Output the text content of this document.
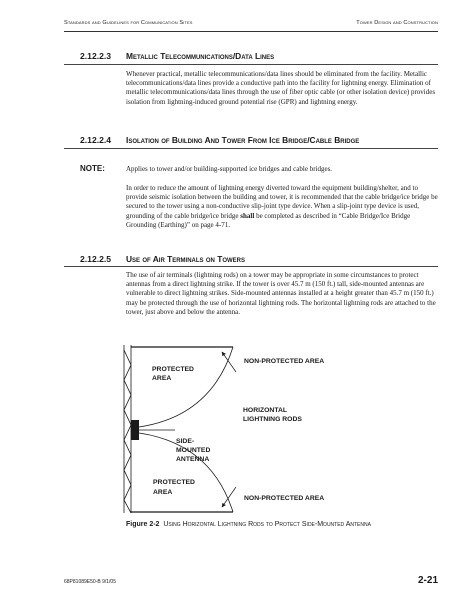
Standards and Guidelines for Communication Sites	Tower Design and Construction
2.12.2.3 Metallic Telecommunications/Data Lines
Whenever practical, metallic telecommunications/data lines should be eliminated from the facility. Metallic telecommunications/data lines provide a conductive path into the facility for lightning energy. Elimination of metallic telecommunications/data lines through the use of fiber optic cable (or other isolation device) provides isolation from lightning-induced ground potential rise (GPR) and lightning energy.
2.12.2.4 Isolation of Building And Tower From Ice Bridge/Cable Bridge
NOTE:	Applies to tower and/or building-supported ice bridges and cable bridges.
In order to reduce the amount of lightning energy diverted toward the equipment building/shelter, and to provide seismic isolation between the building and tower, it is recommended that the cable bridge/ice bridge be secured to the tower using a non-conductive slip-joint type device. When a slip-joint type device is used, grounding of the cable bridge/ice bridge shall be completed as described in “Cable Bridge/Ice Bridge Grounding (Earthing)” on page 4-71.
2.12.2.5 Use of Air Terminals on Towers
The use of air terminals (lightning rods) on a tower may be appropriate in some circumstances to protect antennas from a direct lightning strike. If the tower is over 45.7 m (150 ft.) tall, side-mounted antennas are vulnerable to direct lightning strikes. Side-mounted antennas installed at a height greater than 45.7 m (150 ft.) may be protected through the use of horizontal lightning rods. The horizontal lightning rods are attached to the tower, just above and below the antenna.
PROTECTED
AREA
NON-PROTECTED AREA
HORIZONTAL
LIGHTNING RODS
SIDE-
MOUNTED
ANTENNA
PROTECTED
AREA
NON-PROTECTED AREA
Figure 2-2 Using Horizontal Lightning Rods to Protect Side-Mounted Antenna
68P81089E50-B 9/1/05	2-21
